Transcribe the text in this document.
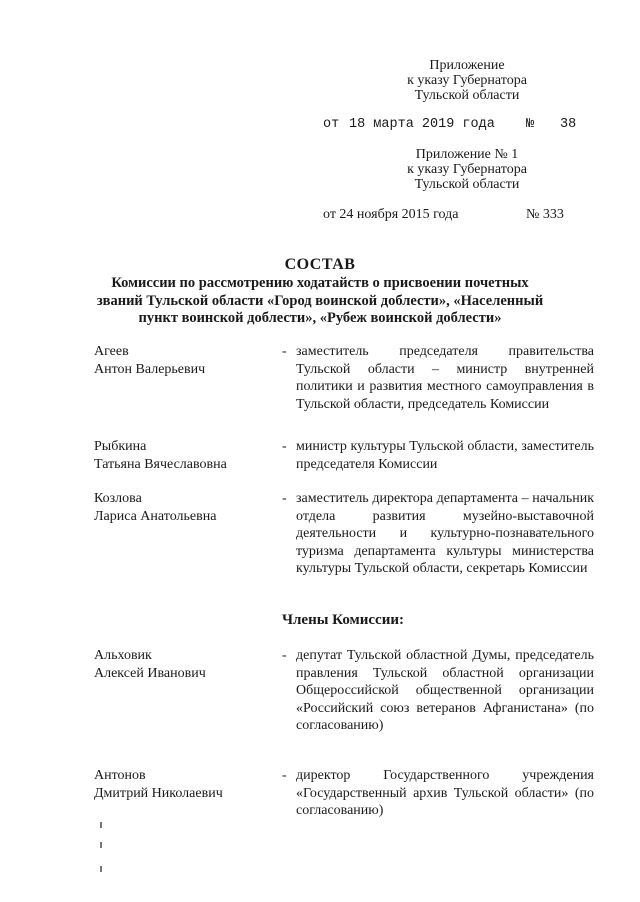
Приложение
к указу Губернатора
Тульской области
от 18 марта 2019 года № 38
Приложение № 1
к указу Губернатора
Тульской области
от 24 ноября 2015 года	№ 333
СОСТАВ
Комиссии по рассмотрению ходатайств о присвоении почетных званий Тульской области «Город воинской доблести», «Населенный пункт воинской доблести», «Рубеж воинской доблести»
Агеев
Антон Валерьевич
- заместитель председателя правительства Тульской области – министр внутренней политики и развития местного самоуправления в Тульской области, председатель Комиссии
Рыбкина
Татьяна Вячеславовна
- министр культуры Тульской области, заместитель председателя Комиссии
Козлова
Лариса Анатольевна
- заместитель директора департамента – начальник отдела развития музейно-выставочной деятельности и культурно-познавательного туризма департамента культуры министерства культуры Тульской области, секретарь Комиссии
Члены Комиссии:
Альховик
Алексей Иванович
- депутат Тульской областной Думы, председатель правления Тульской областной организации Общероссийской общественной организации «Российский союз ветеранов Афганистана» (по согласованию)
Антонов
Дмитрий Николаевич
- директор Государственного учреждения «Государственный архив Тульской области» (по согласованию)
